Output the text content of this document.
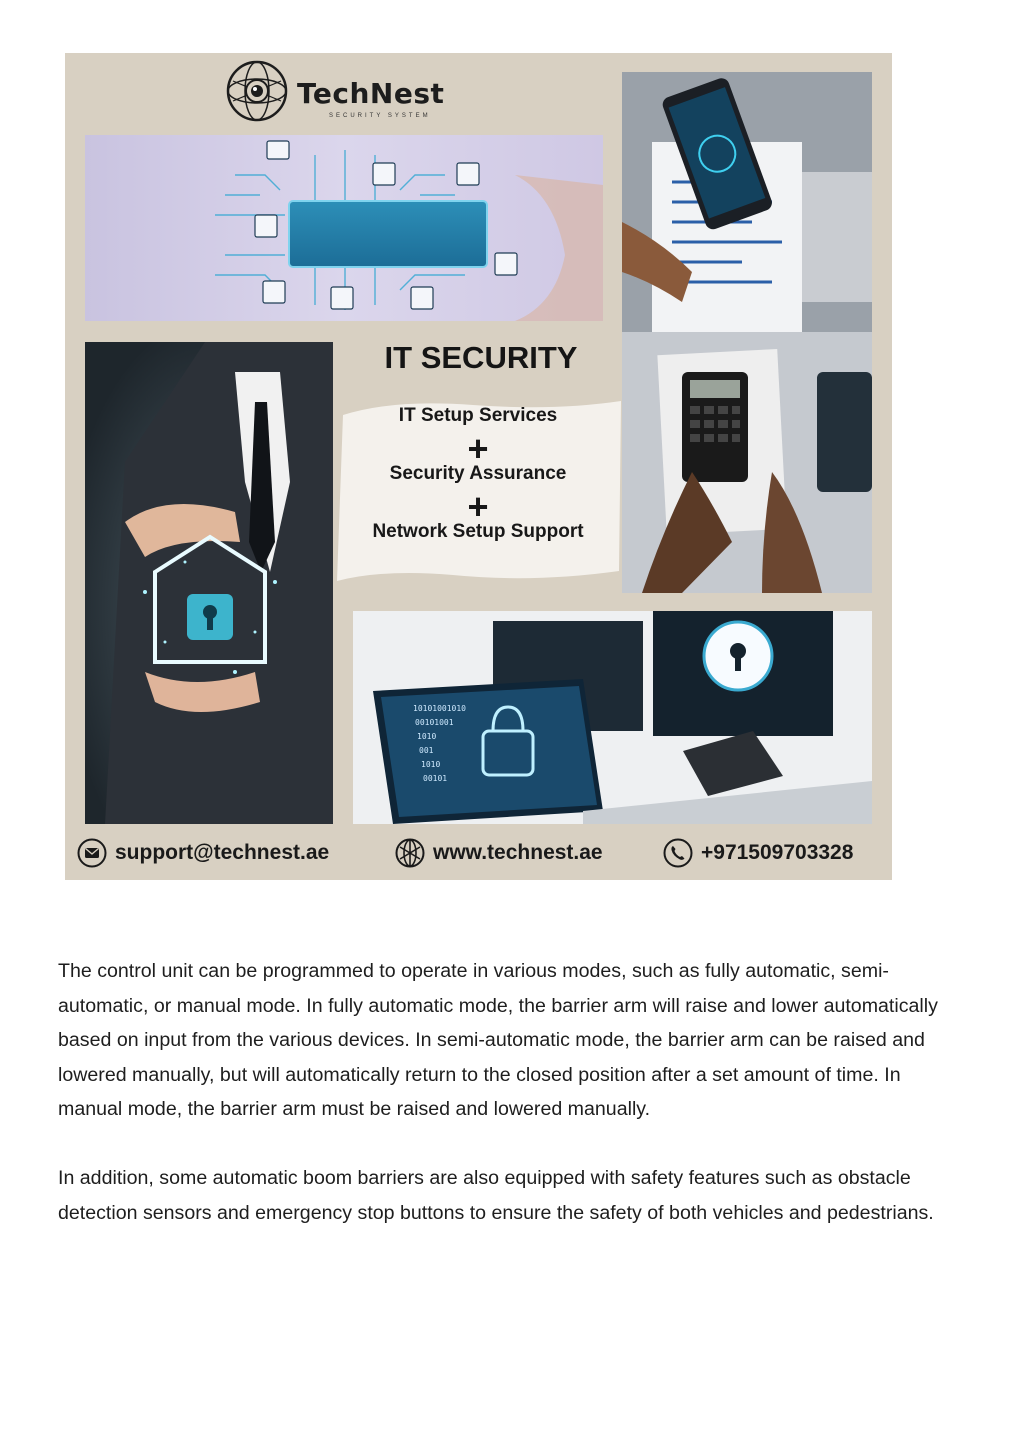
TechNest
SECURITY SYSTEM
IT SECURITY
IT Setup Services
+
Security Assurance
+
Network Setup Support
10101001010
00101001
1010
001
1010
00101
support@technest.ae	www.technest.ae	+971509703328

The control unit can be programmed to operate in various modes, such as fully automatic, semi-automatic, or manual mode. In fully automatic mode, the barrier arm will raise and lower automatically based on input from the various devices. In semi-automatic mode, the barrier arm can be raised and lowered manually, but will automatically return to the closed position after a set amount of time. In manual mode, the barrier arm must be raised and lowered manually.

In addition, some automatic boom barriers are also equipped with safety features such as obstacle detection sensors and emergency stop buttons to ensure the safety of both vehicles and pedestrians.
